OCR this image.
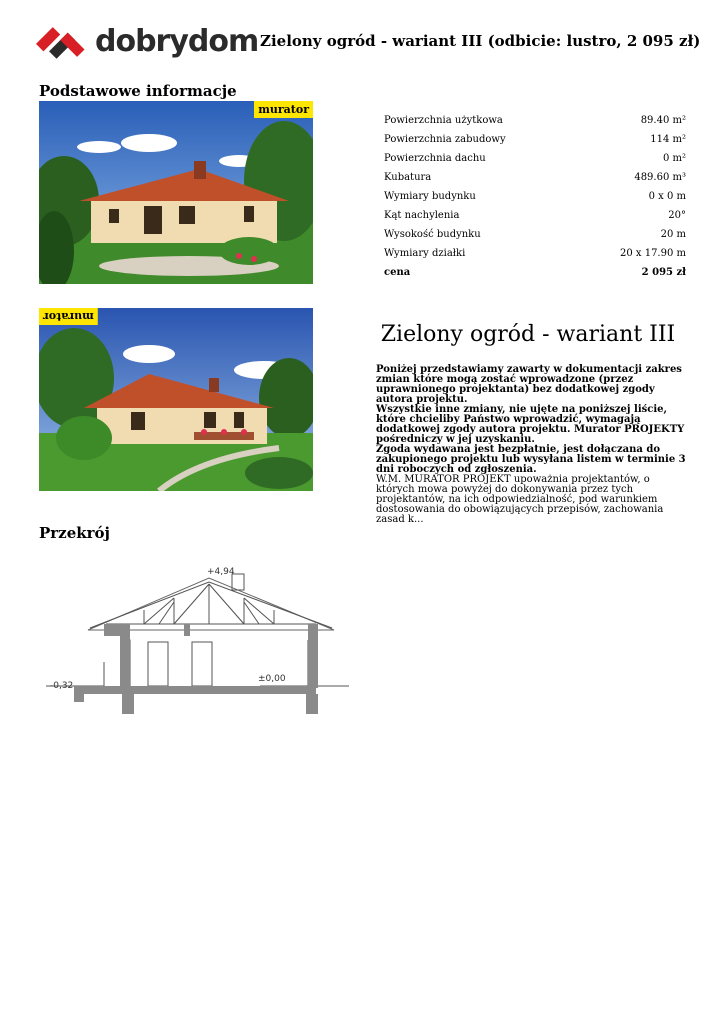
dobrydom Zielony ogród - wariant III (odbicie: lustro, 2 095 zł)
Podstawowe informacje
murator
Powierzchnia użytkowa	89.40 m²
Powierzchnia zabudowy	114 m²
Powierzchnia dachu	0 m²
Kubatura	489.60 m³
Wymiary budynku	0 x 0 m
Kąt nachylenia	20°
Wysokość budynku	20 m
Wymiary działki	20 x 17.90 m
cena	2 095 zł
murator
Zielony ogród - wariant III
Poniżej przedstawiamy zawarty w dokumentacji zakres zmian które mogą zostać wprowadzone (przez uprawnionego projektanta) bez dodatkowej zgody autora projektu.
Wszystkie inne zmiany, nie ujęte na poniższej liście, które chcielibу Państwo wprowadzić, wymagają dodatkowej zgody autora projektu. Murator PROJEKTY pośredniczy w jej uzyskaniu.
Zgoda wydawana jest bezpłatnie, jest dołączana do zakupionego projektu lub wysyłana listem w terminie 3 dni roboczych od zgłoszenia.
W.M. MURATOR PROJEKT upoważnia projektantów, o których mowa powyżej do dokonywania przez tych projektantów, na ich odpowiedzialność, pod warunkiem dostosowania do obowiązujących przepisów, zachowania zasad k...
Przekrój
+4,94
±0,00
-0,32
